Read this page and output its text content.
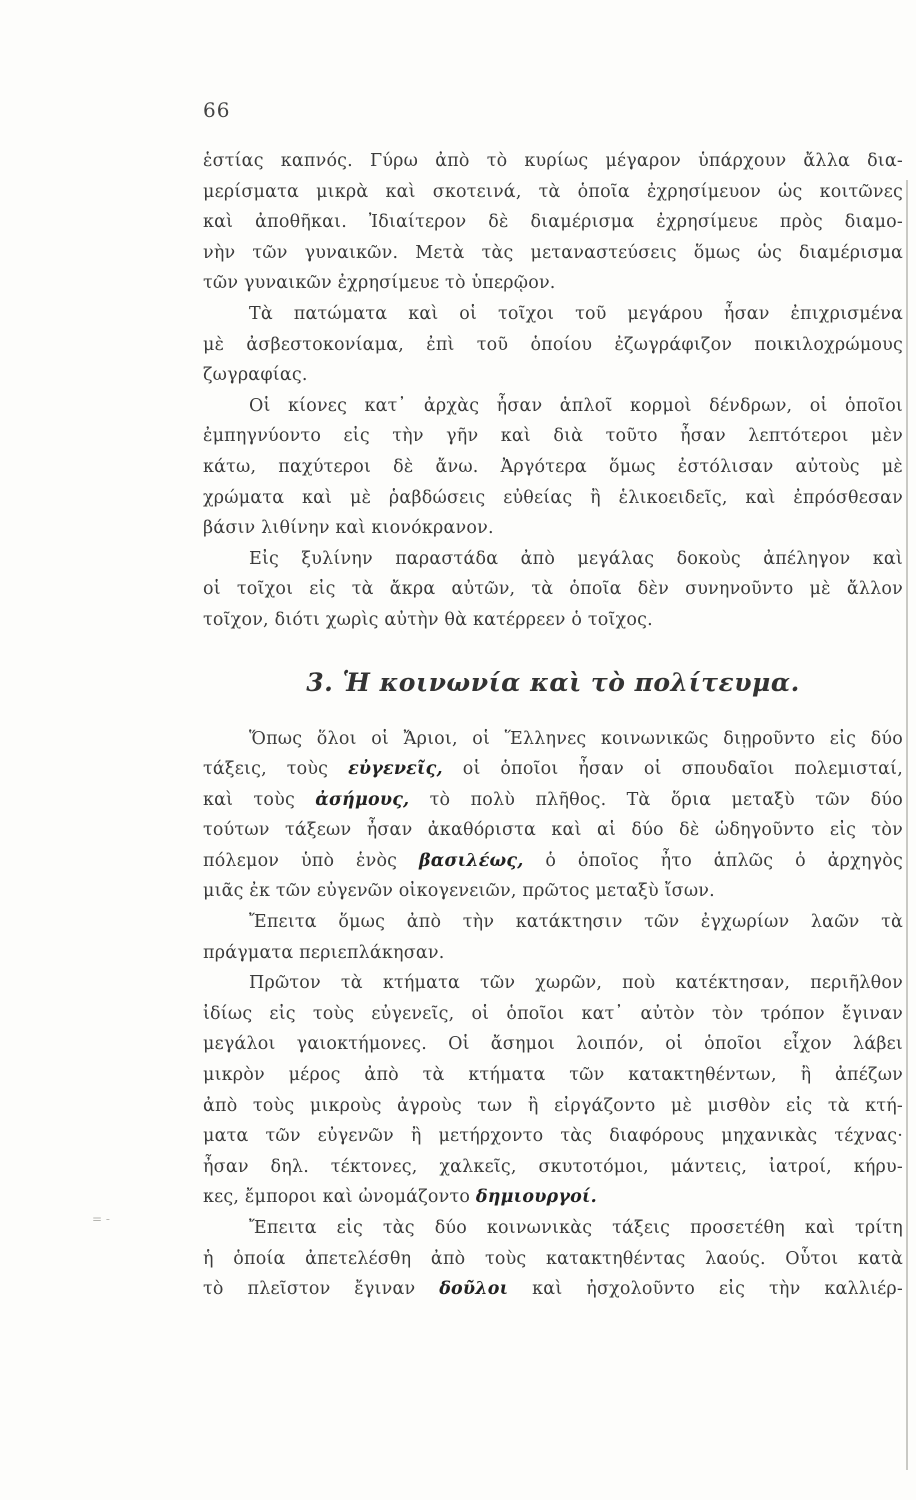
66
ἑστίας καπνός. Γύρω ἀπὸ τὸ κυρίως μέγαρον ὑπάρχουν ἄλλα δια-
μερίσματα μικρὰ καὶ σκοτεινά, τὰ ὁποῖα ἐχρησίμευον ὡς κοιτῶνες
καὶ ἀποθῆκαι. Ἰδιαίτερον δὲ διαμέρισμα ἐχρησίμευε πρὸς διαμο-
νὴν τῶν γυναικῶν. Μετὰ τὰς μεταναστεύσεις ὅμως ὡς διαμέρισμα
τῶν γυναικῶν ἐχρησίμευε τὸ ὑπερῷον.
Τὰ πατώματα καὶ οἱ τοῖχοι τοῦ μεγάρου ἦσαν ἐπιχρισμένα
μὲ ἀσβεστοκονίαμα, ἐπὶ τοῦ ὁποίου ἐζωγράφιζον ποικιλοχρώμους
ζωγραφίας.
Οἱ κίονες κατ᾿ ἀρχὰς ἦσαν ἁπλοῖ κορμοὶ δένδρων, οἱ ὁποῖοι
ἐμπηγνύοντο εἰς τὴν γῆν καὶ διὰ τοῦτο ἦσαν λεπτότεροι μὲν
κάτω, παχύτεροι δὲ ἄνω. Ἀργότερα ὅμως ἐστόλισαν αὐτοὺς μὲ
χρώματα καὶ μὲ ῥαβδώσεις εὐθείας ἢ ἑλικοειδεῖς, καὶ ἐπρόσθεσαν
βάσιν λιθίνην καὶ κιονόκρανον.
Εἰς ξυλίνην παραστάδα ἀπὸ μεγάλας δοκοὺς ἀπέληγον καὶ
οἱ τοῖχοι εἰς τὰ ἄκρα αὐτῶν, τὰ ὁποῖα δὲν συνηνοῦντο μὲ ἄλλον
τοῖχον, διότι χωρὶς αὐτὴν θὰ κατέρρεεν ὁ τοῖχος.
3. Ἡ κοινωνία καὶ τὸ πολίτευμα.
Ὅπως ὅλοι οἱ Ἄριοι, οἱ Ἕλληνες κοινωνικῶς διῃροῦντο εἰς δύο
τάξεις, τοὺς εὐγενεῖς, οἱ ὁποῖοι ἦσαν οἱ σπουδαῖοι πολεμισταί,
καὶ τοὺς ἀσήμους, τὸ πολὺ πλῆθος. Τὰ ὅρια μεταξὺ τῶν δύο
τούτων τάξεων ἦσαν ἀκαθόριστα καὶ αἱ δύο δὲ ὡδηγοῦντο εἰς τὸν
πόλεμον ὑπὸ ἑνὸς βασιλέως, ὁ ὁποῖος ἦτο ἁπλῶς ὁ ἀρχηγὸς
μιᾶς ἐκ τῶν εὐγενῶν οἰκογενειῶν, πρῶτος μεταξὺ ἴσων.
Ἔπειτα ὅμως ἀπὸ τὴν κατάκτησιν τῶν ἐγχωρίων λαῶν τὰ
πράγματα περιεπλάκησαν.
Πρῶτον τὰ κτήματα τῶν χωρῶν, ποὺ κατέκτησαν, περιῆλθον
ἰδίως εἰς τοὺς εὐγενεῖς, οἱ ὁποῖοι κατ᾿ αὐτὸν τὸν τρόπον ἔγιναν
μεγάλοι γαιοκτήμονες. Οἱ ἄσημοι λοιπόν, οἱ ὁποῖοι εἶχον λάβει
μικρὸν μέρος ἀπὸ τὰ κτήματα τῶν κατακτηθέντων, ἢ ἀπέζων
ἀπὸ τοὺς μικροὺς ἀγροὺς των ἢ εἰργάζοντο μὲ μισθὸν εἰς τὰ κτή-
ματα τῶν εὐγενῶν ἢ μετήρχοντο τὰς διαφόρους μηχανικὰς τέχνας·
ἦσαν δηλ. τέκτονες, χαλκεῖς, σκυτοτόμοι, μάντεις, ἰατροί, κήρυ-
κες, ἔμποροι καὶ ὠνομάζοντο δημιουργοί.
Ἔπειτα εἰς τὰς δύο κοινωνικὰς τάξεις προσετέθη καὶ τρίτη
ἡ ὁποία ἀπετελέσθη ἀπὸ τοὺς κατακτηθέντας λαούς. Οὗτοι κατὰ
τὸ πλεῖστον ἔγιναν δοῦλοι καὶ ἠσχολοῦντο εἰς τὴν καλλιέρ-
= -
